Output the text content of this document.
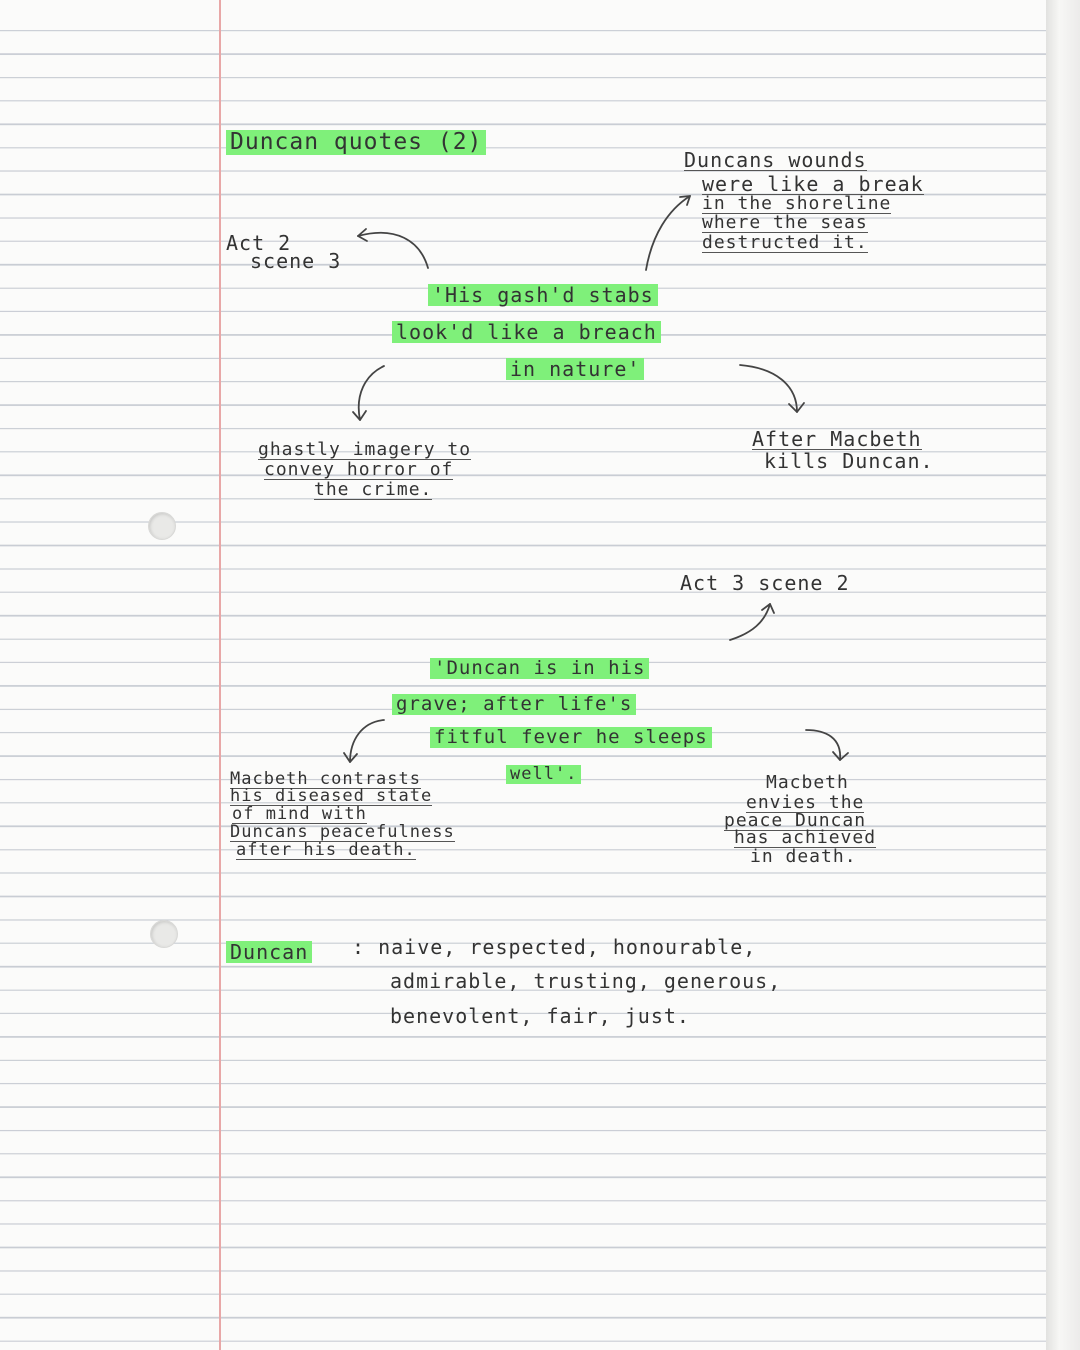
Duncan quotes (2)
Act 2
scene 3
Duncans wounds
were like a break
in the shoreline
where the seas
destructed it.
'His gash'd stabs
look'd like a breach
in nature'
ghastly imagery to
convey horror of
the crime.
After Macbeth
kills Duncan.
Act 3 scene 2
'Duncan is in his
grave; after life's
fitful fever he sleeps
well'.
Macbeth contrasts
his diseased state
of mind with
Duncans peacefulness
after his death.
Macbeth
envies the
peace Duncan
has achieved
in death.
Duncan : naive, respected, honourable,
admirable, trusting, generous,
benevolent, fair, just.
